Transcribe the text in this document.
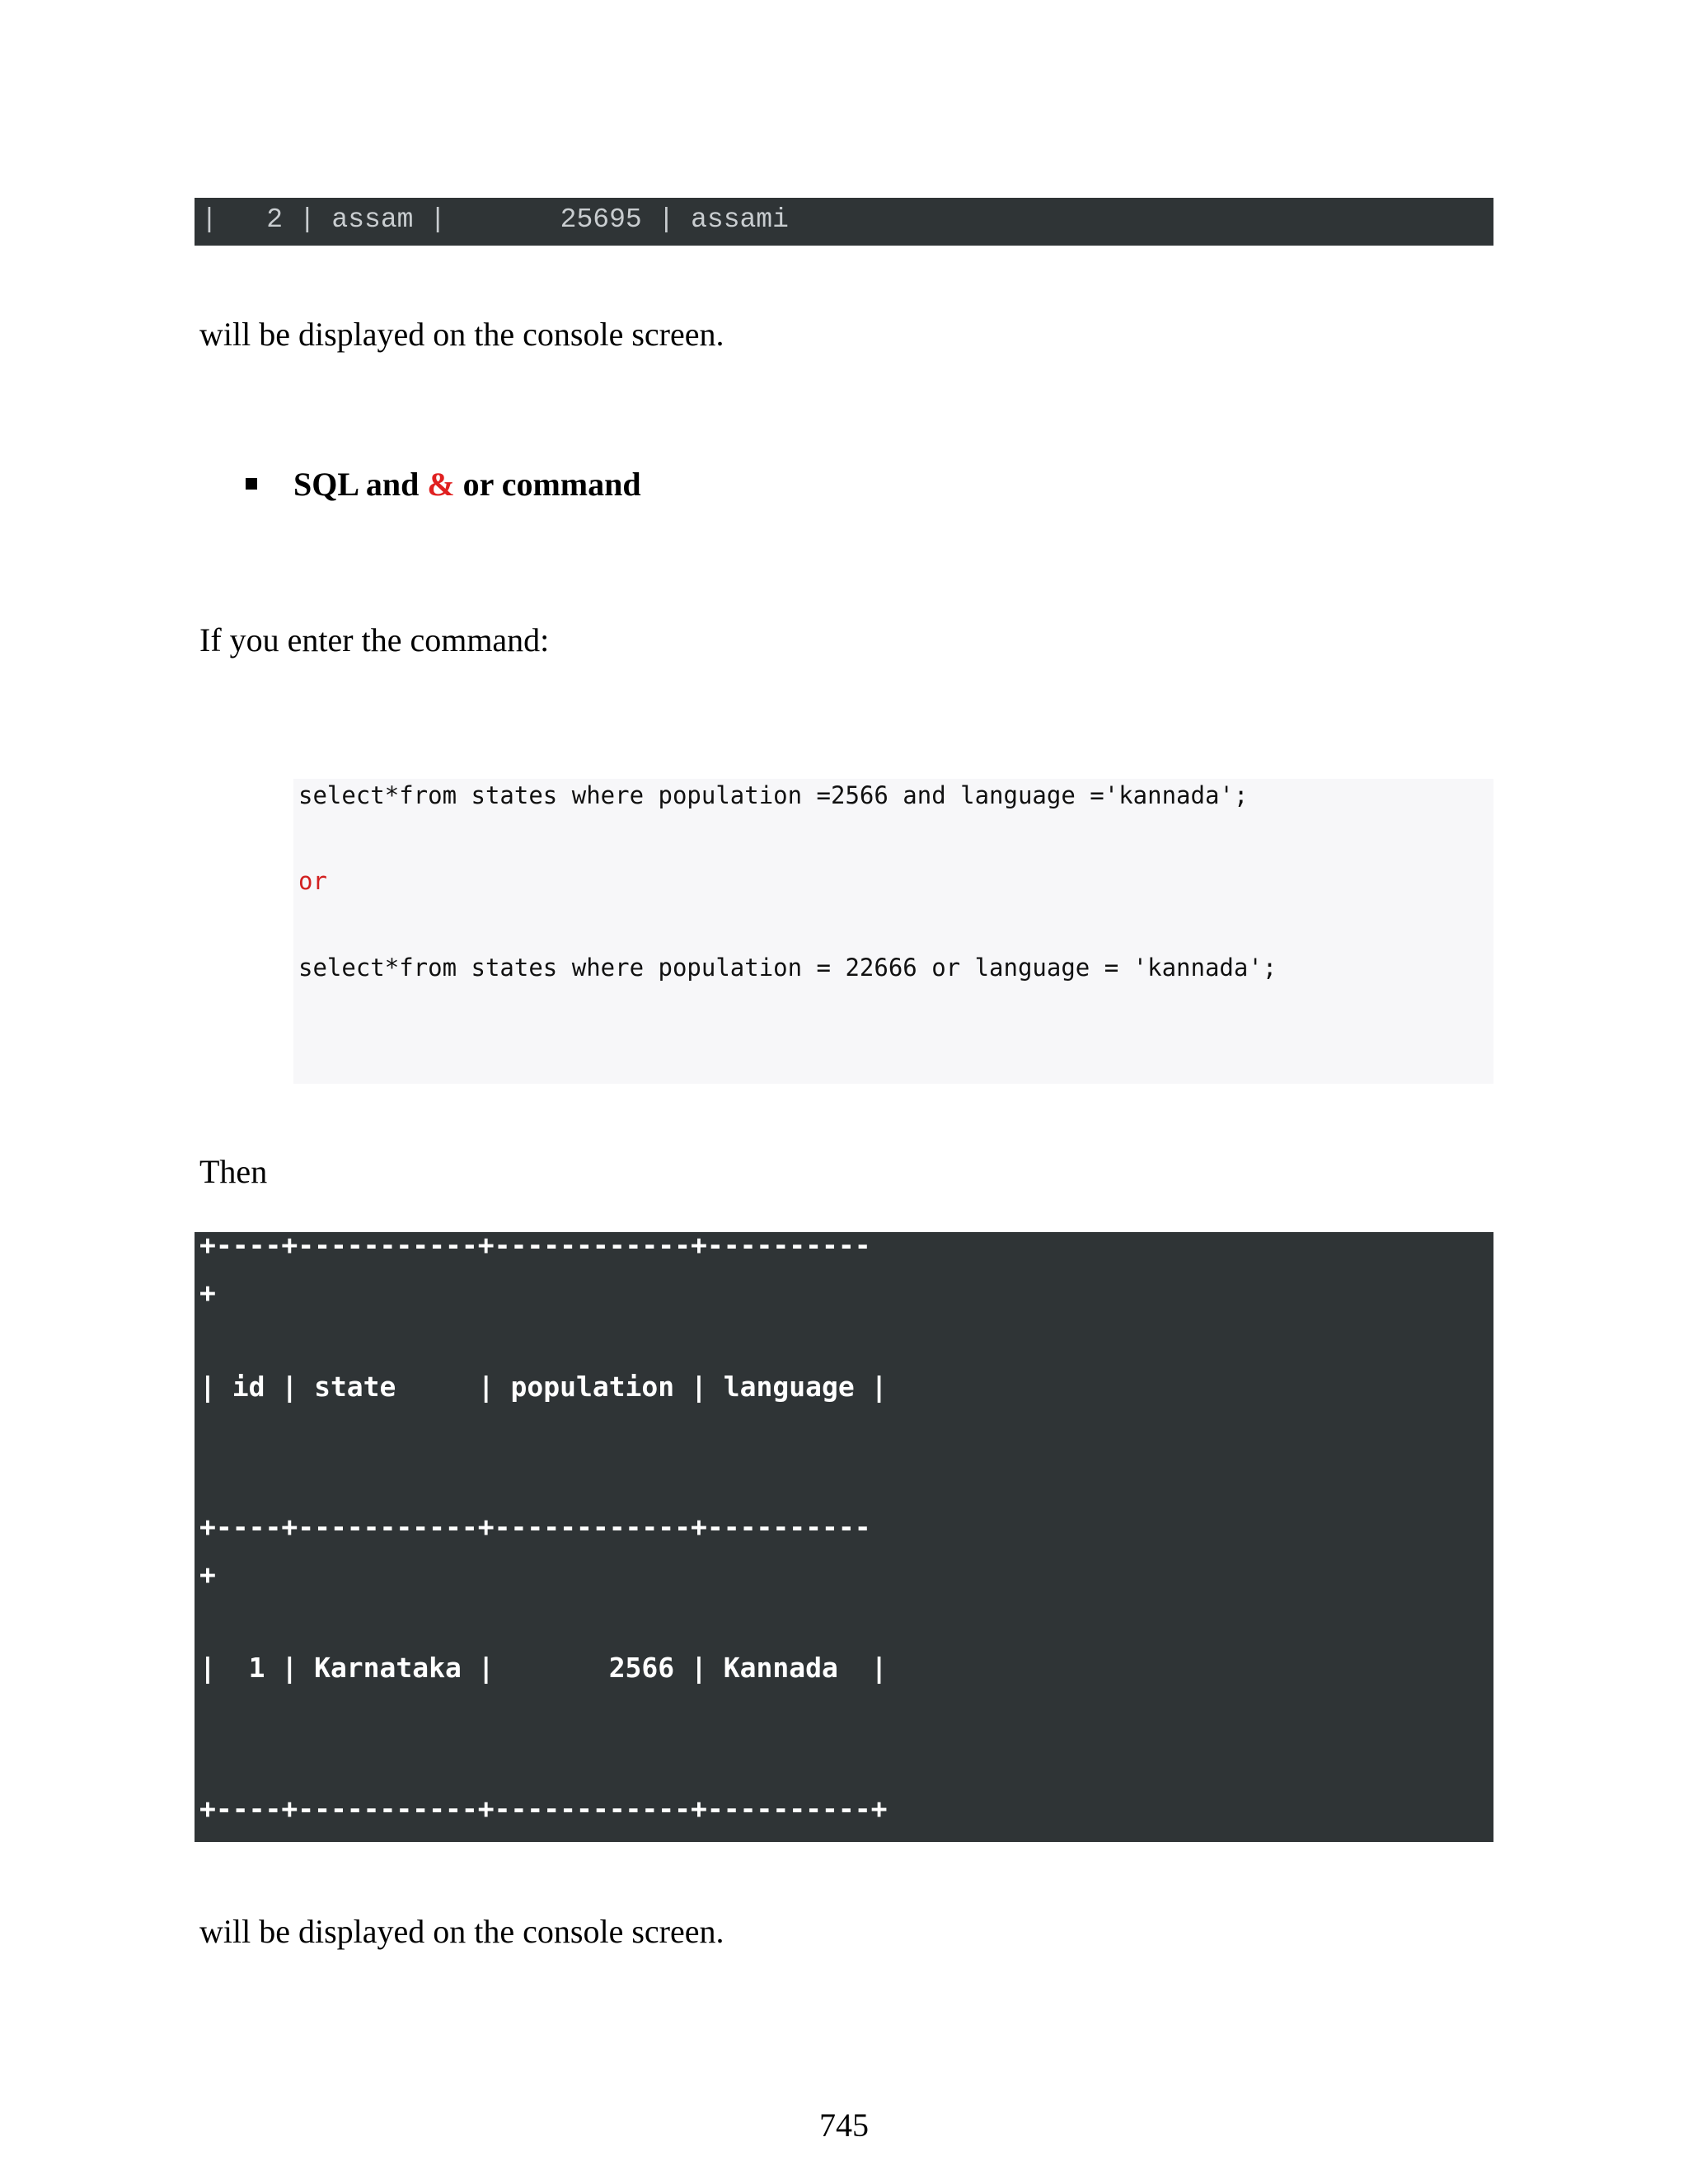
|   2 | assam |       25695 | assami
will be displayed on the console screen.
SQL and & or command
If you enter the command:
select*from states where population =2566 and language ='kannada';
or
select*from states where population = 22666 or language = 'kannada';
Then
+----+-----------+------------+----------
+
| id | state     | population | language |
+----+-----------+------------+----------
+
|  1 | Karnataka |       2566 | Kannada  |
+----+-----------+------------+----------+
will be displayed on the console screen.
745
